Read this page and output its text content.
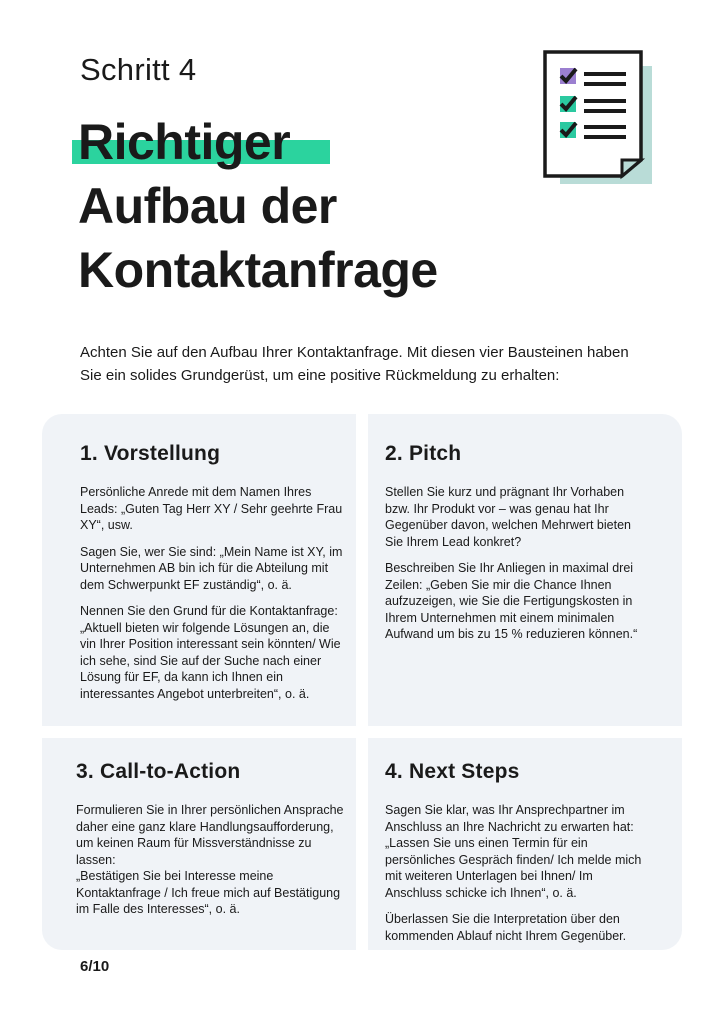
Schritt 4

Richtiger
Aufbau der
Kontaktanfrage

Achten Sie auf den Aufbau Ihrer Kontaktanfrage. Mit diesen vier Bausteinen haben Sie ein solides Grundgerüst, um eine positive Rückmeldung zu erhalten:

1. Vorstellung

Persönliche Anrede mit dem Namen Ihres Leads: „Guten Tag Herr XY / Sehr geehrte Frau XY“, usw.

Sagen Sie, wer Sie sind: „Mein Name ist XY, im Unternehmen AB bin ich für die Abteilung mit dem Schwerpunkt EF zuständig“, o. ä.

Nennen Sie den Grund für die Kontaktanfrage: „Aktuell bieten wir folgende Lösungen an, die vin Ihrer Position interessant sein könnten/ Wie ich sehe, sind Sie auf der Suche nach einer Lösung für EF, da kann ich Ihnen ein interessantes Angebot unterbreiten“, o. ä.

2. Pitch

Stellen Sie kurz und prägnant Ihr Vorhaben bzw. Ihr Produkt vor – was genau hat Ihr Gegenüber davon, welchen Mehrwert bieten Sie Ihrem Lead konkret?

Beschreiben Sie Ihr Anliegen in maximal drei Zeilen: „Geben Sie mir die Chance Ihnen aufzuzeigen, wie Sie die Fertigungskosten in Ihrem Unternehmen mit einem minimalen Aufwand um bis zu 15 % reduzieren können.“

3. Call-to-Action

Formulieren Sie in Ihrer persönlichen Ansprache daher eine ganz klare Handlungsaufforderung, um keinen Raum für Missverständnisse zu lassen:
„Bestätigen Sie bei Interesse meine Kontaktanfrage / Ich freue mich auf Bestätigung im Falle des Interesses“, o. ä.

4. Next Steps

Sagen Sie klar, was Ihr Ansprechpartner im Anschluss an Ihre Nachricht zu erwarten hat: „Lassen Sie uns einen Termin für ein persönliches Gespräch finden/ Ich melde mich mit weiteren Unterlagen bei Ihnen/ Im Anschluss schicke ich Ihnen“, o. ä.

Überlassen Sie die Interpretation über den kommenden Ablauf nicht Ihrem Gegenüber.

6/10
